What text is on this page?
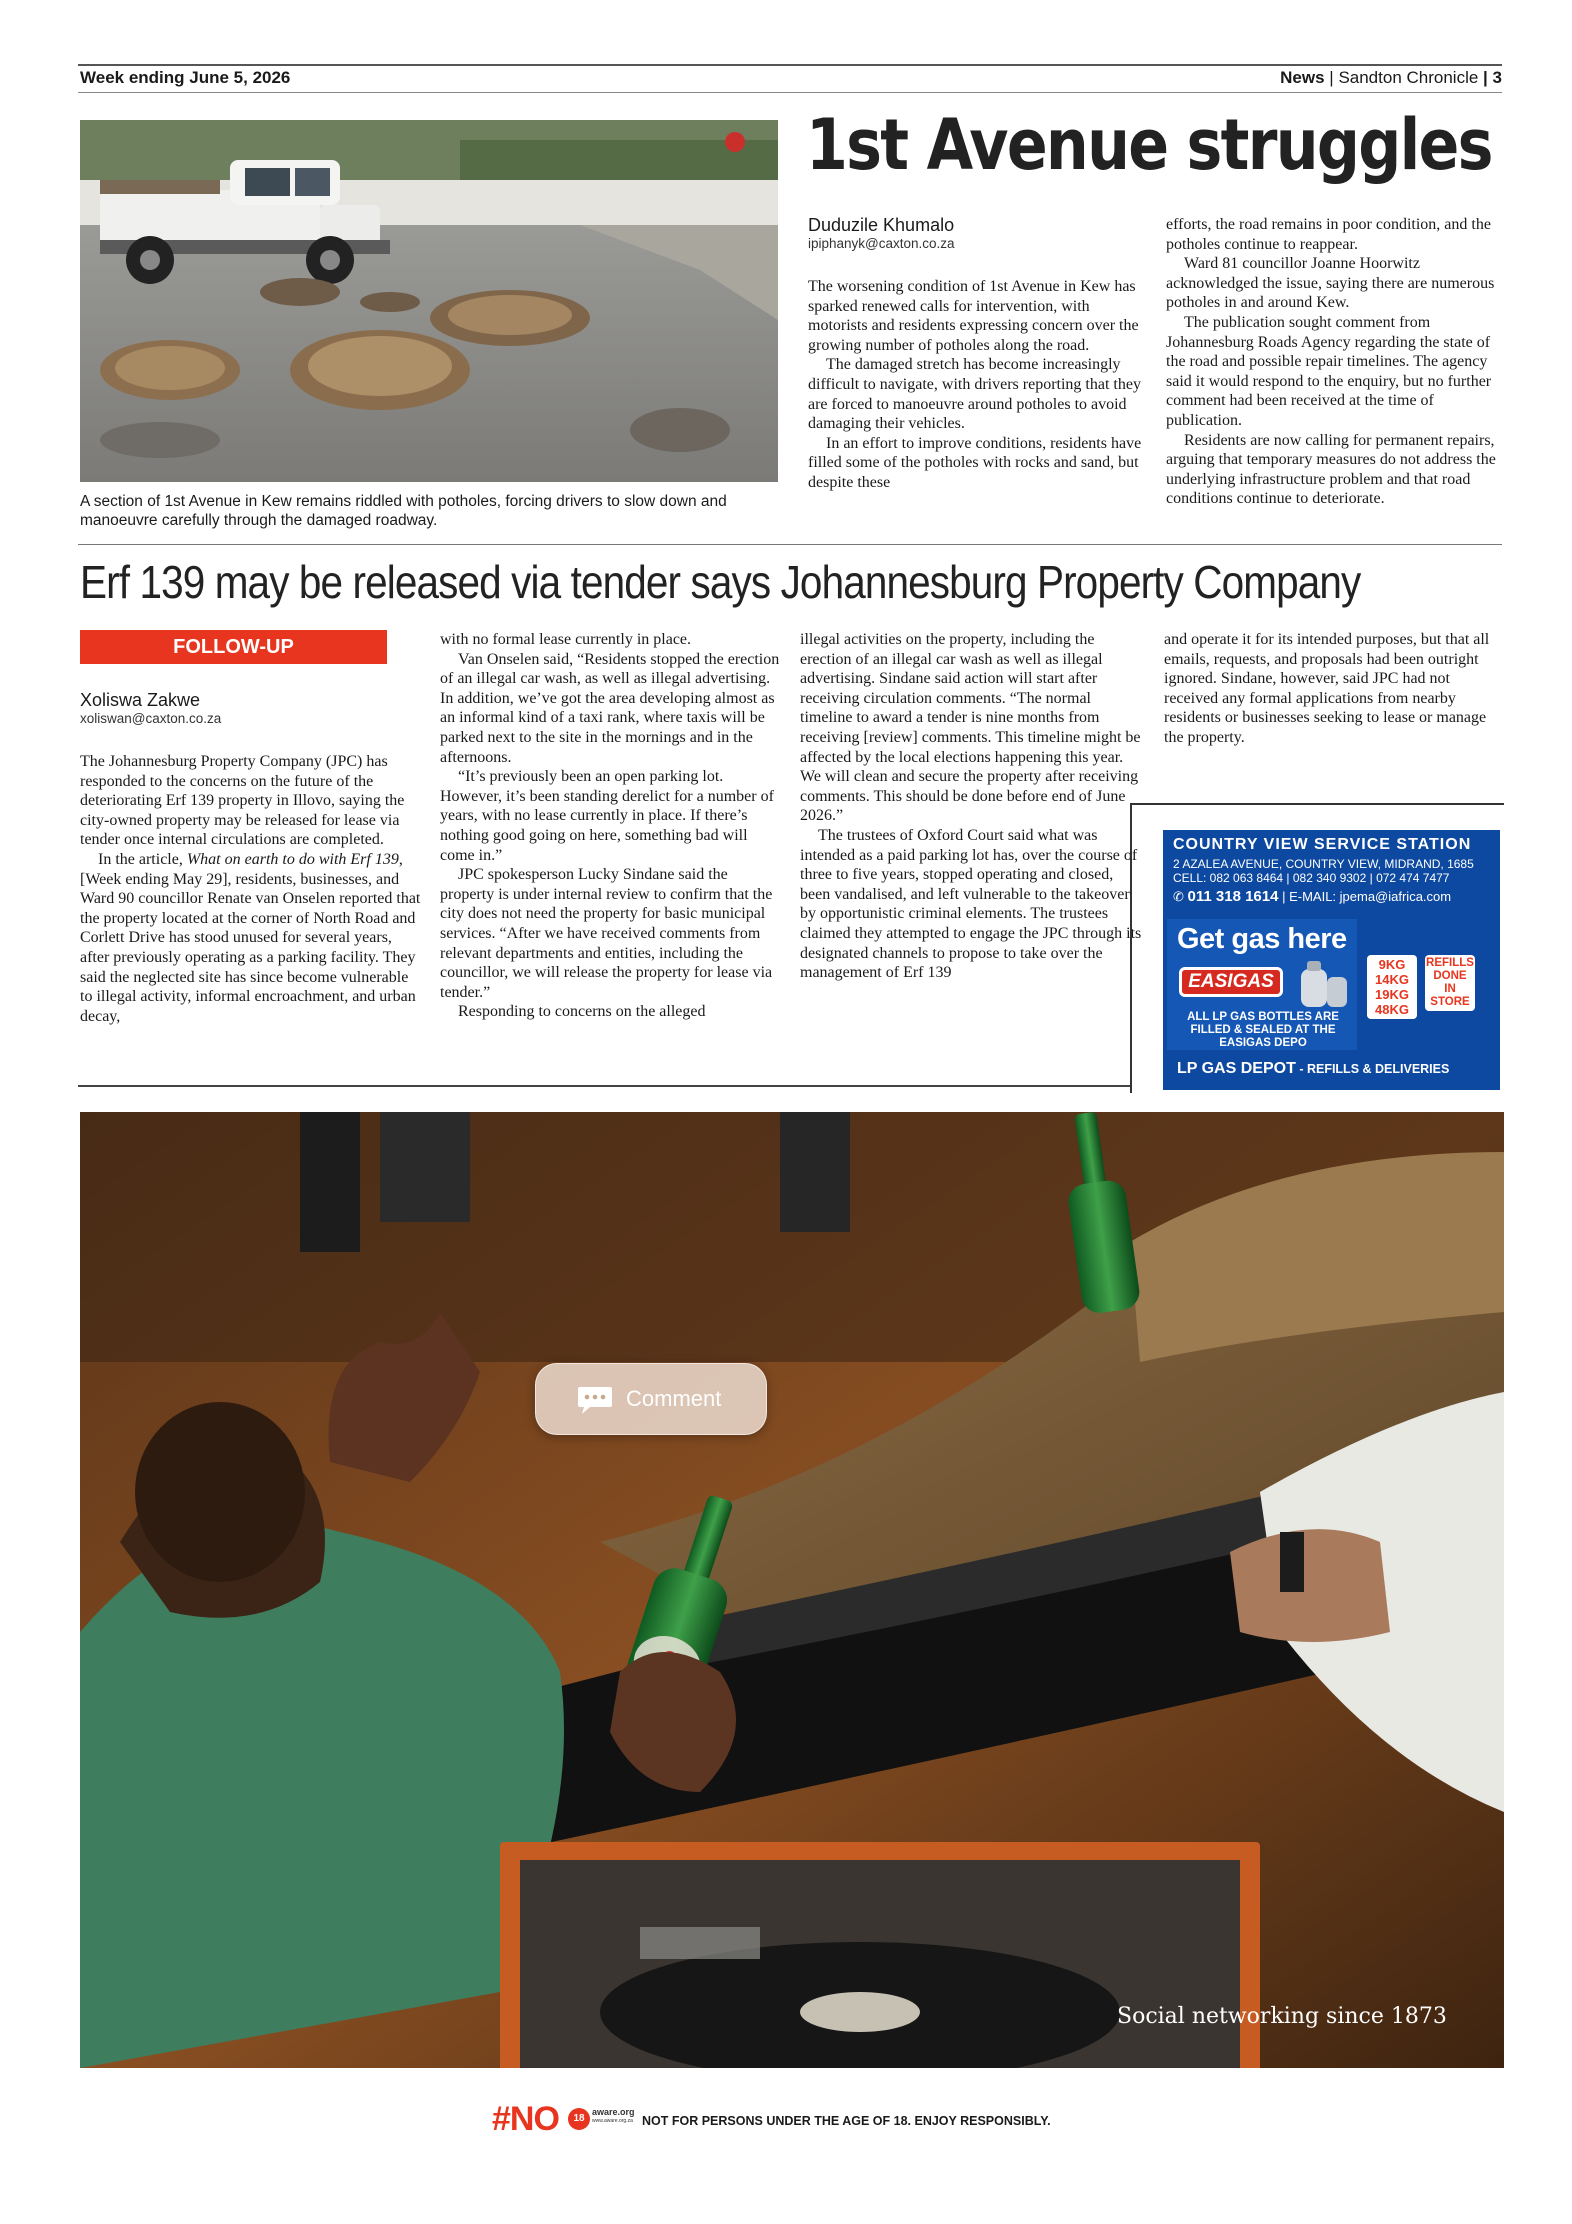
Week ending June 5, 2026	News | Sandton Chronicle | 3
A section of 1st Avenue in Kew remains riddled with potholes, forcing drivers to slow down and manoeuvre carefully through the damaged roadway.
1st Avenue struggles
Duduzile Khumalo
ipiphanyk@caxton.co.za

The worsening condition of 1st Avenue in Kew has sparked renewed calls for intervention, with motorists and residents expressing concern over the growing number of potholes along the road.

The damaged stretch has become increasingly difficult to navigate, with drivers reporting that they are forced to manoeuvre around potholes to avoid damaging their vehicles.

In an effort to improve conditions, residents have filled some of the potholes with rocks and sand, but despite these

efforts, the road remains in poor condition, and the potholes continue to reappear.

Ward 81 councillor Joanne Hoorwitz acknowledged the issue, saying there are numerous potholes in and around Kew.

The publication sought comment from Johannesburg Roads Agency regarding the state of the road and possible repair timelines. The agency said it would respond to the enquiry, but no further comment had been received at the time of publication.

Residents are now calling for permanent repairs, arguing that temporary measures do not address the underlying infrastructure problem and that road conditions continue to deteriorate.

Erf 139 may be released via tender says Johannesburg Property Company
FOLLOW-UP
Xoliswa Zakwe
xoliswan@caxton.co.za

The Johannesburg Property Company (JPC) has responded to the concerns on the future of the deteriorating Erf 139 property in Illovo, saying the city-owned property may be released for lease via tender once internal circulations are completed.

In the article, What on earth to do with Erf 139, [Week ending May 29], residents, businesses, and Ward 90 councillor Renate van Onselen reported that the property located at the corner of North Road and Corlett Drive has stood unused for several years, after previously operating as a parking facility. They said the neglected site has since become vulnerable to illegal activity, informal encroachment, and urban decay,

with no formal lease currently in place.

Van Onselen said, “Residents stopped the erection of an illegal car wash, as well as illegal advertising. In addition, we’ve got the area developing almost as an informal kind of a taxi rank, where taxis will be parked next to the site in the mornings and in the afternoons.

“It’s previously been an open parking lot. However, it’s been standing derelict for a number of years, with no lease currently in place. If there’s nothing good going on here, something bad will come in.”

JPC spokesperson Lucky Sindane said the property is under internal review to confirm that the city does not need the property for basic municipal services. “After we have received comments from relevant departments and entities, including the councillor, we will release the property for lease via tender.”

Responding to concerns on the alleged

illegal activities on the property, including the erection of an illegal car wash as well as illegal advertising. Sindane said action will start after receiving circulation comments. “The normal timeline to award a tender is nine months from receiving [review] comments. This timeline might be affected by the local elections happening this year. We will clean and secure the property after receiving comments. This should be done before end of June 2026.”

The trustees of Oxford Court said what was intended as a paid parking lot has, over the course of three to five years, stopped operating and closed, been vandalised, and left vulnerable to the takeover by opportunistic criminal elements. The trustees claimed they attempted to engage the JPC through its designated channels to propose to take over the management of Erf 139

and operate it for its intended purposes, but that all emails, requests, and proposals had been outright ignored. Sindane, however, said JPC had not received any formal applications from nearby residents or businesses seeking to lease or manage the property.

COUNTRY VIEW SERVICE STATION
2 AZALEA AVENUE, COUNTRY VIEW, MIDRAND, 1685
CELL: 082 063 8464 | 082 340 9302 | 072 474 7477
✆ 011 318 1614 | E-MAIL: jpema@iafrica.com
Get gas here
EASIGAS
ALL LP GAS BOTTLES ARE FILLED & SEALED AT THE EASIGAS DEPO
9KG
14KG
19KG
48KG
REFILLS
DONE
IN
STORE
LP GAS DEPOT - REFILLS & DELIVERIES
Comment
Social networking since 1873
#NO	18
aware.org
www.aware.org.za NOT FOR PERSONS UNDER THE AGE OF 18. ENJOY RESPONSIBLY.
